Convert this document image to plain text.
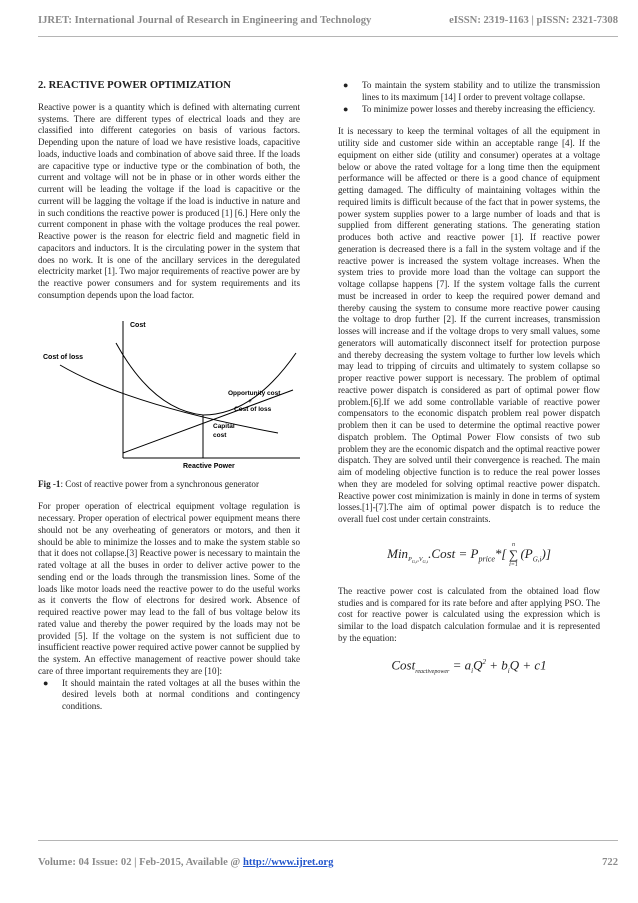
IJRET: International Journal of Research in Engineering and Technology	eISSN: 2319-1163 | pISSN: 2321-7308

2. REACTIVE POWER OPTIMIZATION

Reactive power is a quantity which is defined with alternating current systems. There are different types of electrical loads and they are classified into different categories on basis of various factors. Depending upon the nature of load we have resistive loads, capacitive loads, inductive loads and combination of above said three. If the loads are capacitive type or inductive type or the combination of both, the current and voltage will not be in phase or in other words either the current will be leading the voltage if the load is capacitive or the current will be lagging the voltage if the load is inductive in nature and in such conditions the reactive power is produced [1] [6.] Here only the current component in phase with the voltage produces the real power. Reactive power is the reason for electric field and magnetic field in capacitors and inductors. It is the circulating power in the system that does no work. It is one of the ancillary services in the deregulated electricity market [1]. Two major requirements of reactive power are by the reactive power consumers and for system requirements and its consumption depends upon the load factor.

Cost
Cost of loss
Opportunity cost
+
Cost of loss
Capital
cost
Reactive Power

Fig -1: Cost of reactive power from a synchronous generator

For proper operation of electrical equipment voltage regulation is necessary. Proper operation of electrical power equipment means there should not be any overheating of generators or motors, and then it should be able to minimize the losses and to make the system stable so that it does not collapse.[3] Reactive power is necessary to maintain the rated voltage at all the buses in order to deliver active power to the sending end or the loads through the transmission lines. Some of the loads like motor loads need the reactive power to do the useful works as it converts the flow of electrons for desired work. Absence of required reactive power may lead to the fall of bus voltage below its rated value and thereby the power required by the loads may not be provided [5]. If the voltage on the system is not sufficient due to insufficient reactive power required active power cannot be supplied by the system. An effective management of reactive power should take care of three important requirements they are [10]:

● It should maintain the rated voltages at all the buses within the desired levels both at normal conditions and contingency conditions.
● To maintain the system stability and to utilize the transmission lines to its maximum [14] I order to prevent voltage collapse.
● To minimize power losses and thereby increasing the efficiency.

It is necessary to keep the terminal voltages of all the equipment in utility side and customer side within an acceptable range [4]. If the equipment on either side (utility and consumer) operates at a voltage below or above the rated voltage for a long time then the equipment performance will be affected or there is a good chance of equipment getting damaged. The difficulty of maintaining voltages within the required limits is difficult because of the fact that in power systems, the power system supplies power to a large number of loads and that is supplied from different generating stations. The generating station produces both active and reactive power [1]. If reactive power generation is decreased there is a fall in the system voltage and if the reactive power is increased the system voltage increases. When the system tries to provide more load than the voltage can support the voltage collapse happens [7]. If the system voltage falls the current must be increased in order to keep the required power demand and thereby causing the system to consume more reactive power causing the voltage to drop further [2]. If the current increases, transmission losses will increase and if the voltage drops to very small values, some generators will automatically disconnect itself for protection purpose and thereby decreasing the system voltage to further low levels which may lead to tripping of circuits and ultimately to system collapse so proper reactive power support is necessary. The problem of optimal reactive power dispatch is considered as part of optimal power flow problem.[6].If we add some controllable variable of reactive power compensators to the economic dispatch problem real power dispatch problem then it can be used to determine the optimal reactive power dispatch problem. The Optimal Power Flow consists of two sub problem they are the economic dispatch and the optimal reactive power dispatch. They are solved until their convergence is reached. The main aim of modeling objective function is to reduce the real power losses when they are modeled for solving optimal reactive power dispatch. Reactive power cost minimization is mainly in done in terms of system losses.[1]-[7].The aim of optimal power dispatch is to reduce the overall fuel cost under certain constraints.

Min$_{P_{G,i},V_{G,i}}$.Cost = $P_{price}*$[
n
∑
i=1
$(P_{G,i})$]

The reactive power cost is calculated from the obtained load flow studies and is compared for its rate before and after applying PSO. The cost for reactive power is calculated using the expression which is similar to the load dispatch calculation formulae and it is represented by the equation:

Cost$_{reactivepower}$ = $a_iQ^2 + b_iQ + c1$
Volume: 04 Issue: 02 | Feb-2015, Available @ http://www.ijret.org	722
